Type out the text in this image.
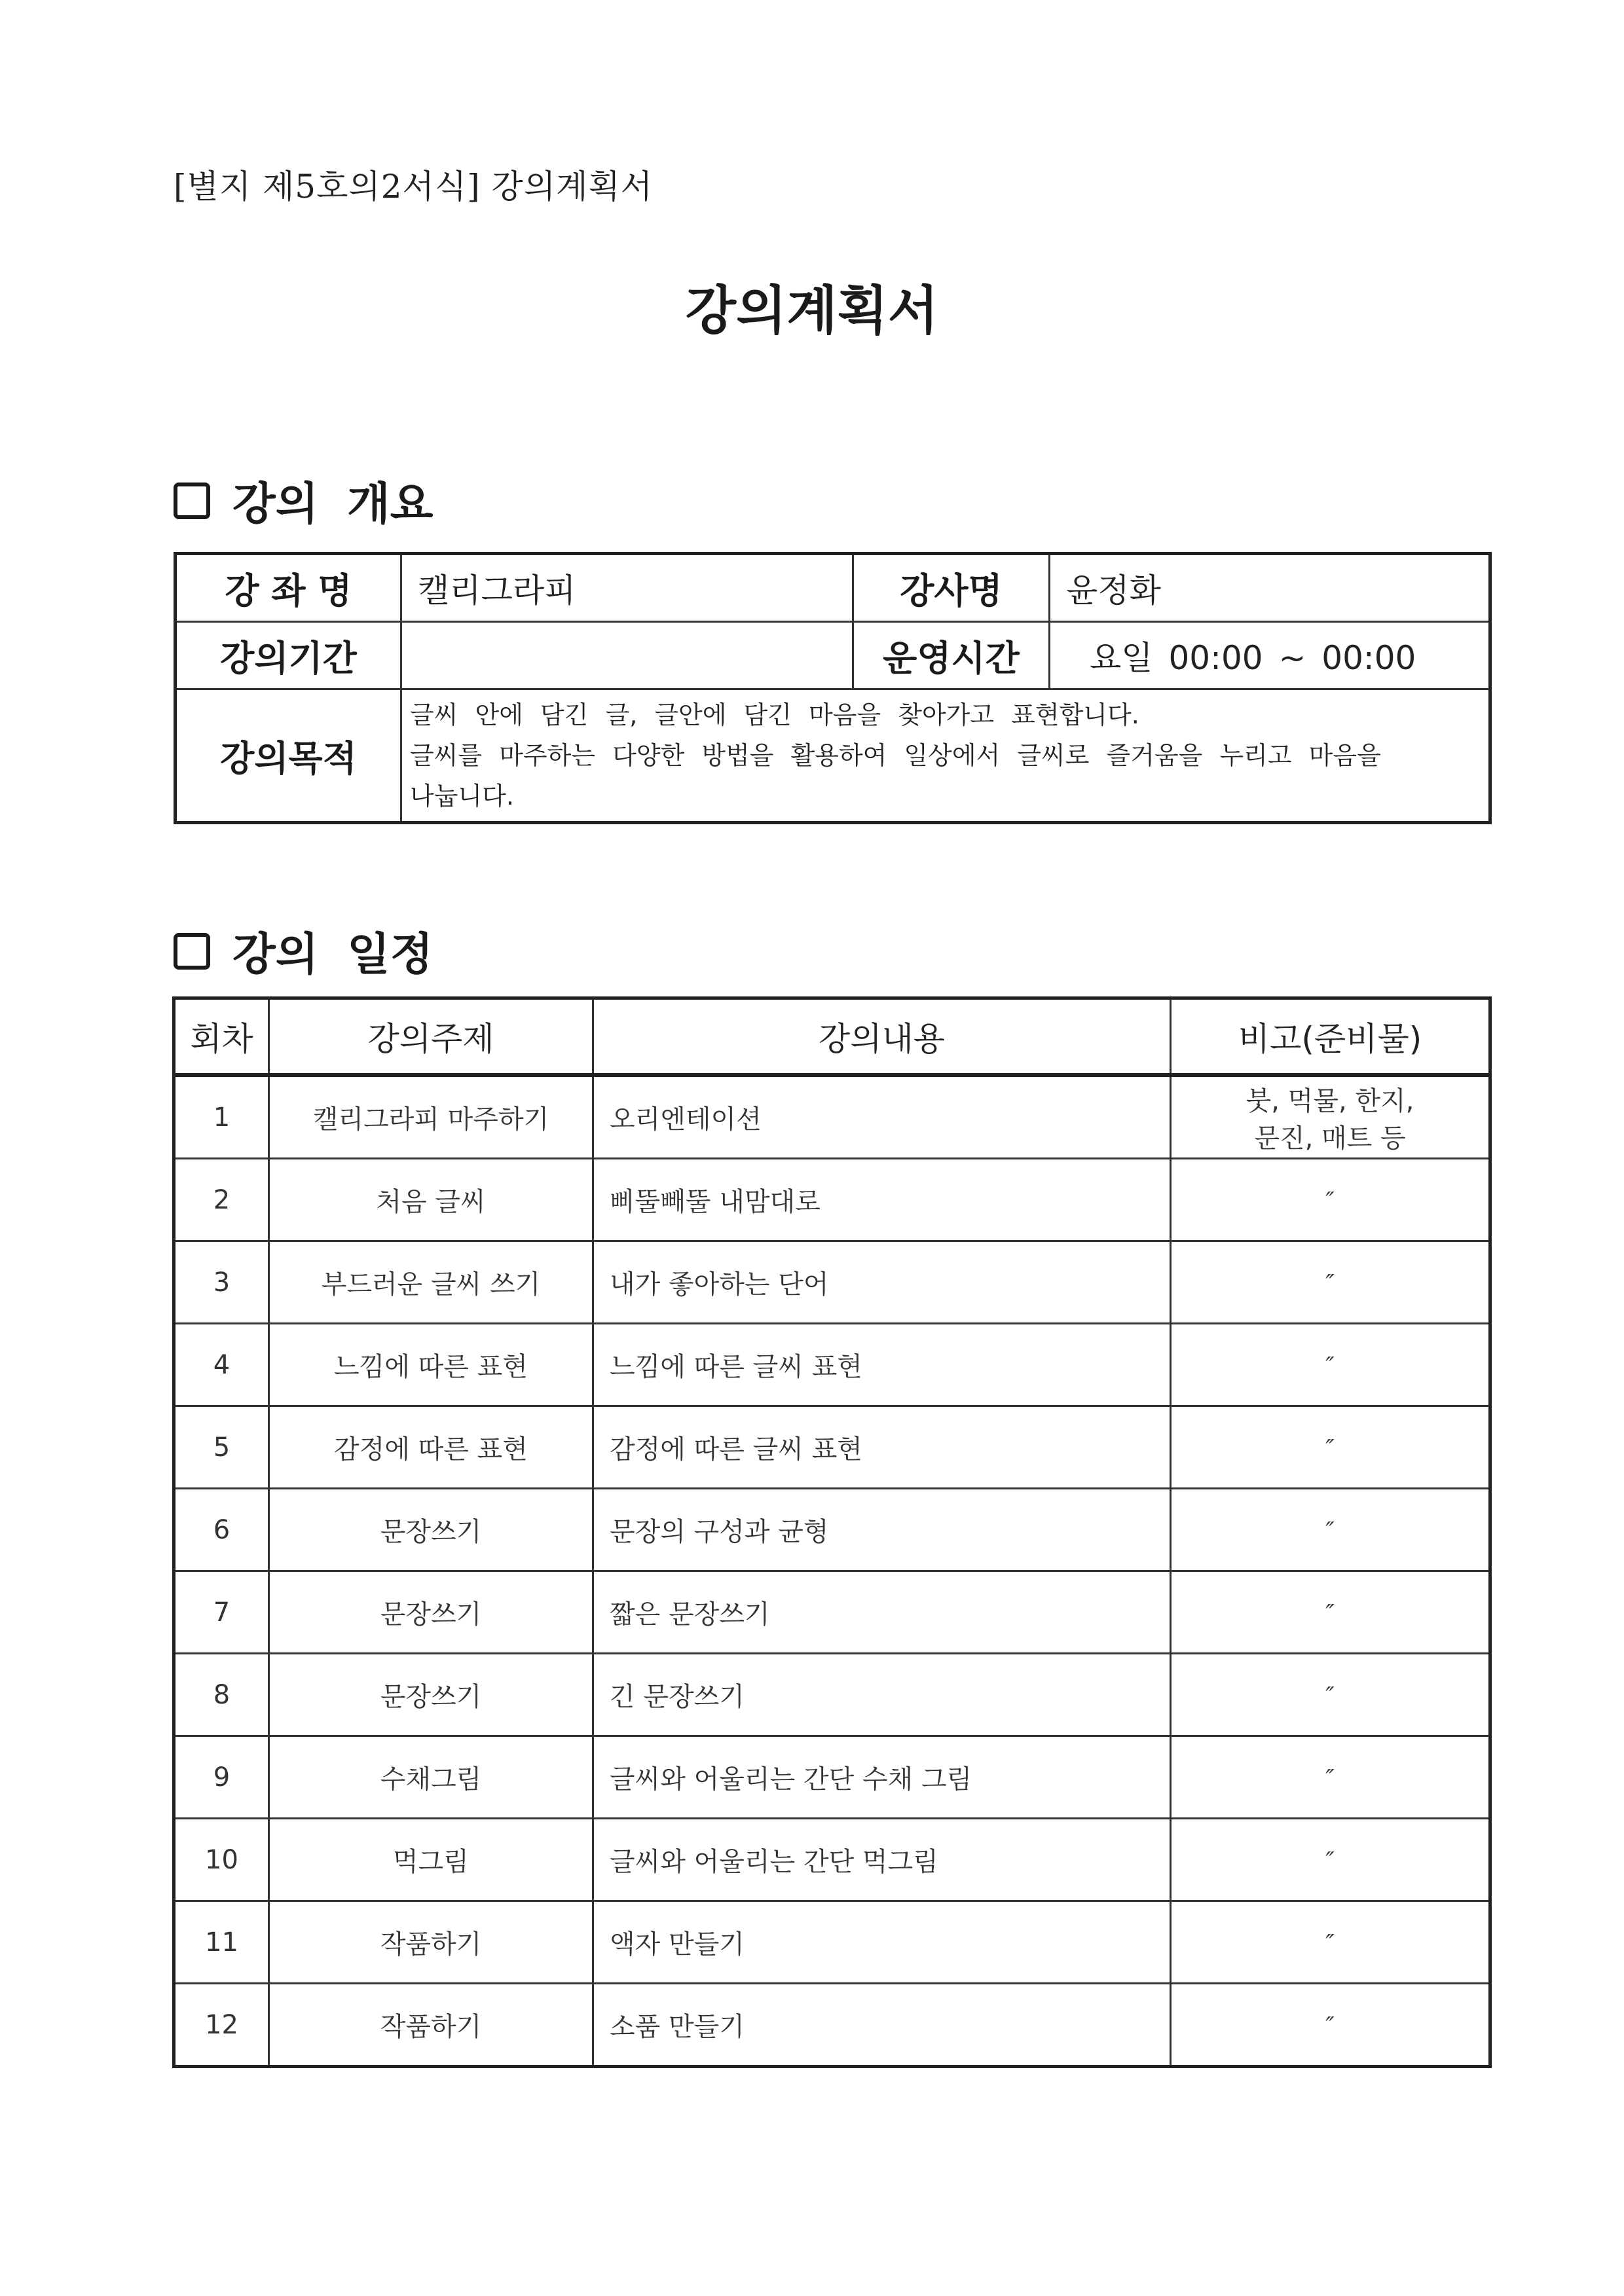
[별지 제5호의2서식] 강의계획서
강의계획서
강의 개요
강 좌 명	캘리그라피	강사명	윤정화
강의기간		운영시간	요일 00:00 ~ 00:00
강의목적	글씨 안에 담긴 글, 글안에 담긴 마음을 찾아가고 표현합니다.
글씨를 마주하는 다양한 방법을 활용하여 일상에서 글씨로 즐거움을 누리고 마음을
나눕니다.		
강의 일정
회차	강의주제	강의내용	비고(준비물)
1	캘리그라피 마주하기	오리엔테이션	붓, 먹물, 한지,
문진, 매트 등

2	처음 글씨	삐뚤빼뚤 내맘대로	″
3	부드러운 글씨 쓰기	내가 좋아하는 단어	″
4	느낌에 따른 표현	느낌에 따른 글씨 표현	″
5	감정에 따른 표현	감정에 따른 글씨 표현	″
6	문장쓰기	문장의 구성과 균형	″
7	문장쓰기	짧은 문장쓰기	″
8	문장쓰기	긴 문장쓰기	″
9	수채그림	글씨와 어울리는 간단 수채 그림	″
10	먹그림	글씨와 어울리는 간단 먹그림	″
11	작품하기	액자 만들기	″
12	작품하기	소품 만들기	″
